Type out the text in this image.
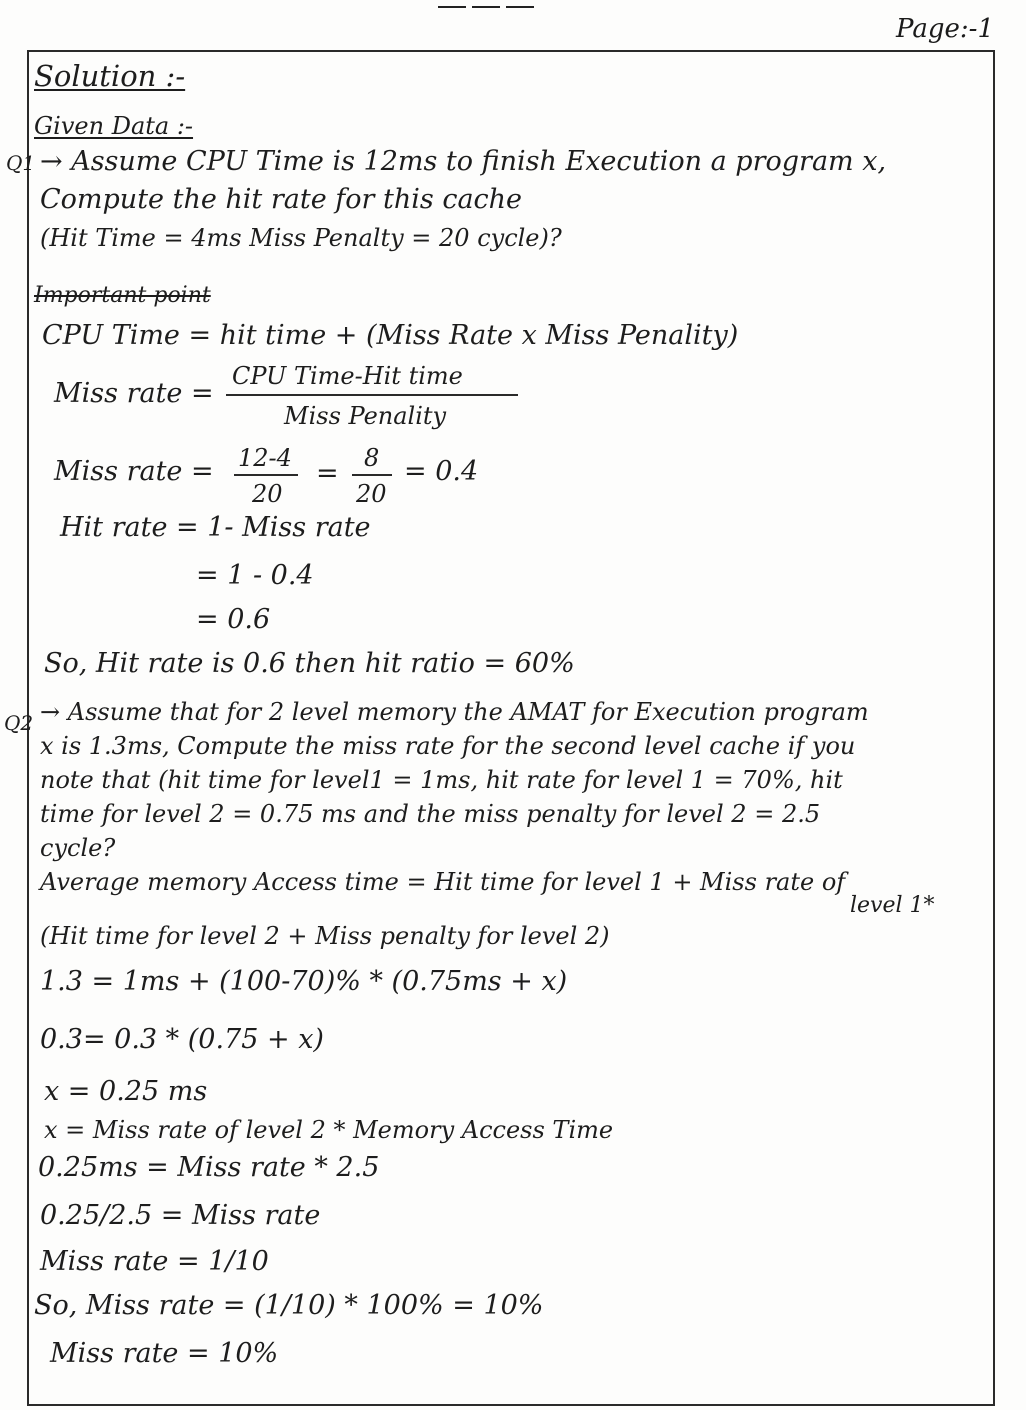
Page:-1
Solution :-
Given Data :-
Q1 → Assume CPU Time is 12ms to finish Execution a program x,
Compute the hit rate for this cache
(Hit Time = 4ms Miss Penalty = 20 cycle)?
Important point
CPU Time = hit time + (Miss Rate x Miss Penality)
Miss rate =
CPU Time-Hit time
Miss Penality
Miss rate = 12-4
20
= 8
20
= 0.4
Hit rate = 1- Miss rate
= 1 - 0.4
= 0.6
So, Hit rate is 0.6 then hit ratio = 60%
Q2 → Assume that for 2 level memory the AMAT for Execution program
x is 1.3ms, Compute the miss rate for the second level cache if you
note that (hit time for level1 = 1ms, hit rate for level 1 = 70%, hit
time for level 2 = 0.75 ms and the miss penalty for level 2 = 2.5
cycle?
Average memory Access time = Hit time for level 1 + Miss rate of
level 1*
(Hit time for level 2 + Miss penalty for level 2)
1.3 = 1ms + (100-70)% * (0.75ms + x)
0.3= 0.3 * (0.75 + x)
x = 0.25 ms
x = Miss rate of level 2 * Memory Access Time
0.25ms = Miss rate * 2.5
0.25/2.5 = Miss rate
Miss rate = 1/10
So, Miss rate = (1/10) * 100% = 10%
Miss rate = 10%
